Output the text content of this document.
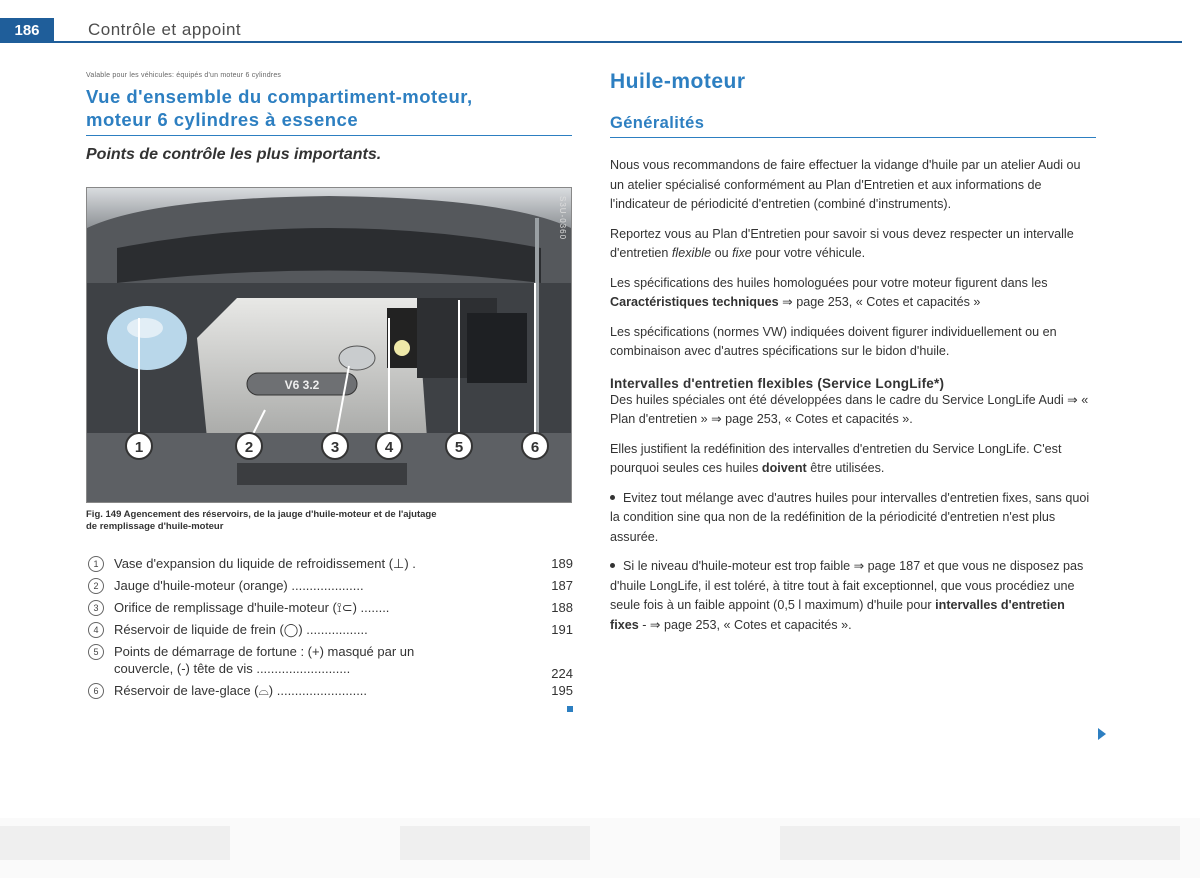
186	Contrôle et appoint
Valable pour les véhicules: équipés d'un moteur 6 cylindres
Vue d'ensemble du compartiment-moteur,
moteur 6 cylindres à essence
Points de contrôle les plus importants.
V6 3.2
1	2	3	4	5	6
S3U-0360
Fig. 149 Agencement des réservoirs, de la jauge d'huile-moteur et de l'ajutage
de remplissage d'huile-moteur
1	Vase d'expansion du liquide de refroidissement (⊥) .	189
2	Jauge d'huile-moteur (orange) ....................	187
3	Orifice de remplissage d'huile-moteur (⟟⊂) ........	188
4	Réservoir de liquide de frein (◯) .................	191
5	Points de démarrage de fortune : (+) masqué par un
couvercle, (-) tête de vis ..........................	224
6	Réservoir de lave-glace (⌓) .........................	195
Huile-moteur
Généralités
Nous vous recommandons de faire effectuer la vidange d'huile par un atelier Audi ou un atelier spécialisé conformément au Plan d'Entretien et aux informations de l'indicateur de périodicité d'entretien (combiné d'instruments).
Reportez vous au Plan d'Entretien pour savoir si vous devez respecter un intervalle d'entretien flexible ou fixe pour votre véhicule.
Les spécifications des huiles homologuées pour votre moteur figurent dans les Caractéristiques techniques ⇒ page 253, « Cotes et capacités »
Les spécifications (normes VW) indiquées doivent figurer individuellement ou en combinaison avec d'autres spécifications sur le bidon d'huile.
Intervalles d'entretien flexibles (Service LongLife*)
Des huiles spéciales ont été développées dans le cadre du Service LongLife Audi ⇒ « Plan d'entretien » ⇒ page 253, « Cotes et capacités ».
Elles justifient la redéfinition des intervalles d'entretien du Service LongLife. C'est pourquoi seules ces huiles doivent être utilisées.
Evitez tout mélange avec d'autres huiles pour intervalles d'entretien fixes, sans quoi la condition sine qua non de la redéfinition de la périodicité d'entretien n'est plus assurée.
Si le niveau d'huile-moteur est trop faible ⇒ page 187 et que vous ne disposez pas d'huile LongLife, il est toléré, à titre tout à fait exceptionnel, que vous procédiez une seule fois à un faible appoint (0,5 l maximum) d'huile pour intervalles d'entretien fixes - ⇒ page 253, « Cotes et capacités ».
